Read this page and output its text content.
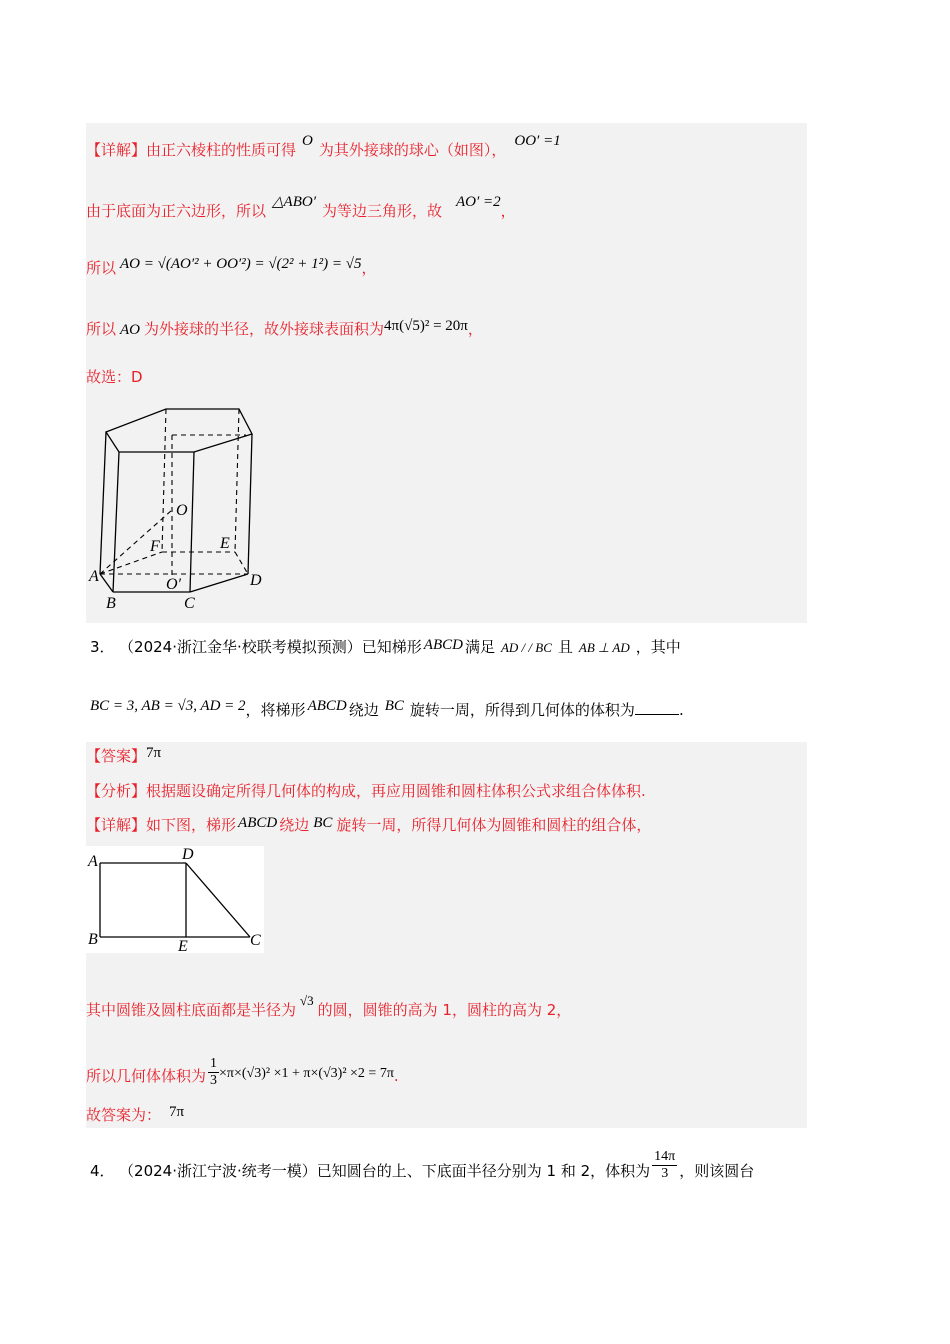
【详解】由正六棱柱的性质可得 O 为其外接球的球心（如图）， OO′ =1
由于底面为正六边形，所以 △ABO′ 为等边三角形，故 AO′ =2，
所以 AO = √(AO′² + OO′²) = √(2² + 1²) = √5，
所以 AO 为外接球的半径，故外接球表面积为4π(√5)² = 20π，
故选：D
O
F	E
A	O′	D
B	C
3． （2024·浙江金华·校联考模拟预测）已知梯形 ABCD 满足 AD / / BC 且 AB ⊥ AD ，其中
BC = 3, AB = √3, AD = 2，将梯形 ABCD 绕边 BC 旋转一周，所得到几何体的体积为	.
【答案】7π
【分析】根据题设确定所得几何体的构成，再应用圆锥和圆柱体积公式求组合体体积.
【详解】如下图，梯形 ABCD 绕边 BC 旋转一周，所得几何体为圆锥和圆柱的组合体，
A	D
B	E	C
其中圆锥及圆柱底面都是半径为√3的圆，圆锥的高为 1，圆柱的高为 2，
所以几何体体积为 $\frac{1}{3} \times\pi\times(√3)^2 \times 1 + \pi\times(√3)^2 \times 2 = 7\pi$.
故答案为： 7π
4． （2024·浙江宁波·统考一模）已知圆台的上、下底面半径分别为 1 和 2，体积为 $\frac{14\pi}{3}$ ，则该圆台
